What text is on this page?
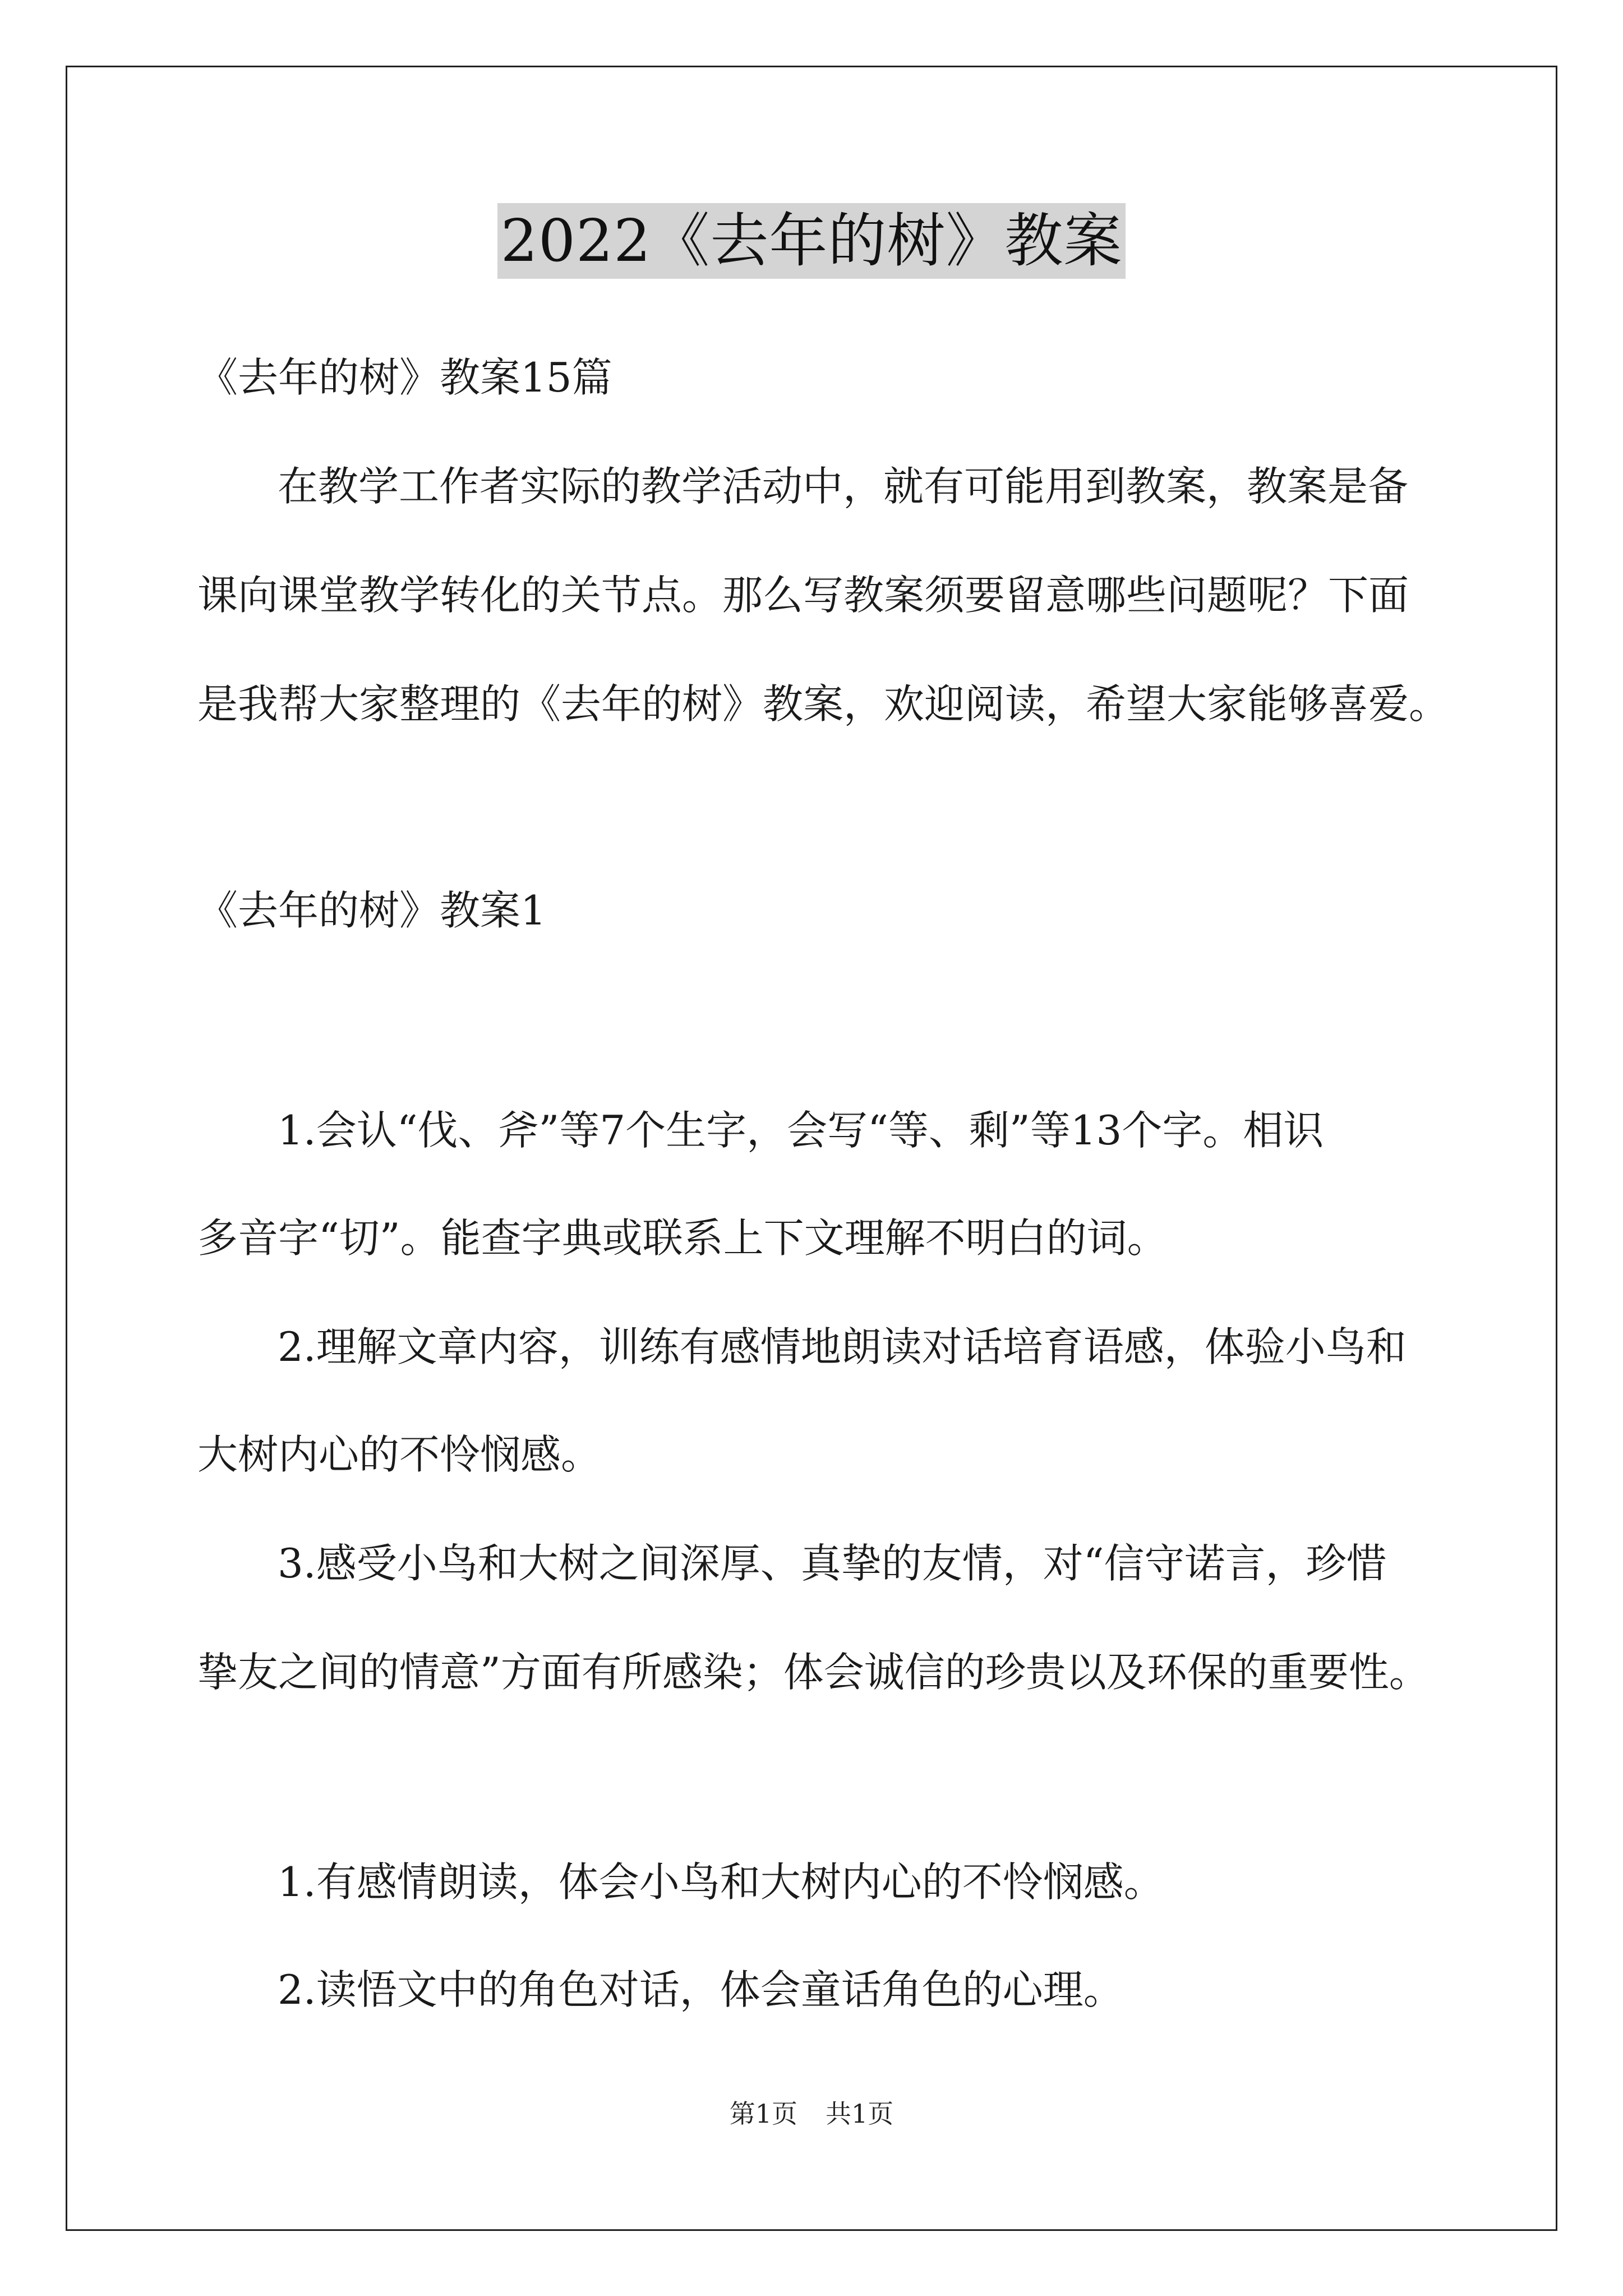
2022《去年的树》教案
《去年的树》教案15篇
在教学工作者实际的教学活动中，就有可能用到教案，教案是备
课向课堂教学转化的关节点。那么写教案须要留意哪些问题呢？下面
是我帮大家整理的《去年的树》教案，欢迎阅读，希望大家能够喜爱。
《去年的树》教案1
1.会认“伐、斧”等7个生字，会写“等、剩”等13个字。相识
多音字“切”。能查字典或联系上下文理解不明白的词。
2.理解文章内容，训练有感情地朗读对话培育语感，体验小鸟和
大树内心的不怜悯感。
3.感受小鸟和大树之间深厚、真挚的友情，对“信守诺言，珍惜
挚友之间的情意”方面有所感染；体会诚信的珍贵以及环保的重要性。
1.有感情朗读，体会小鸟和大树内心的不怜悯感。
2.读悟文中的角色对话，体会童话角色的心理。
第1页 共1页
